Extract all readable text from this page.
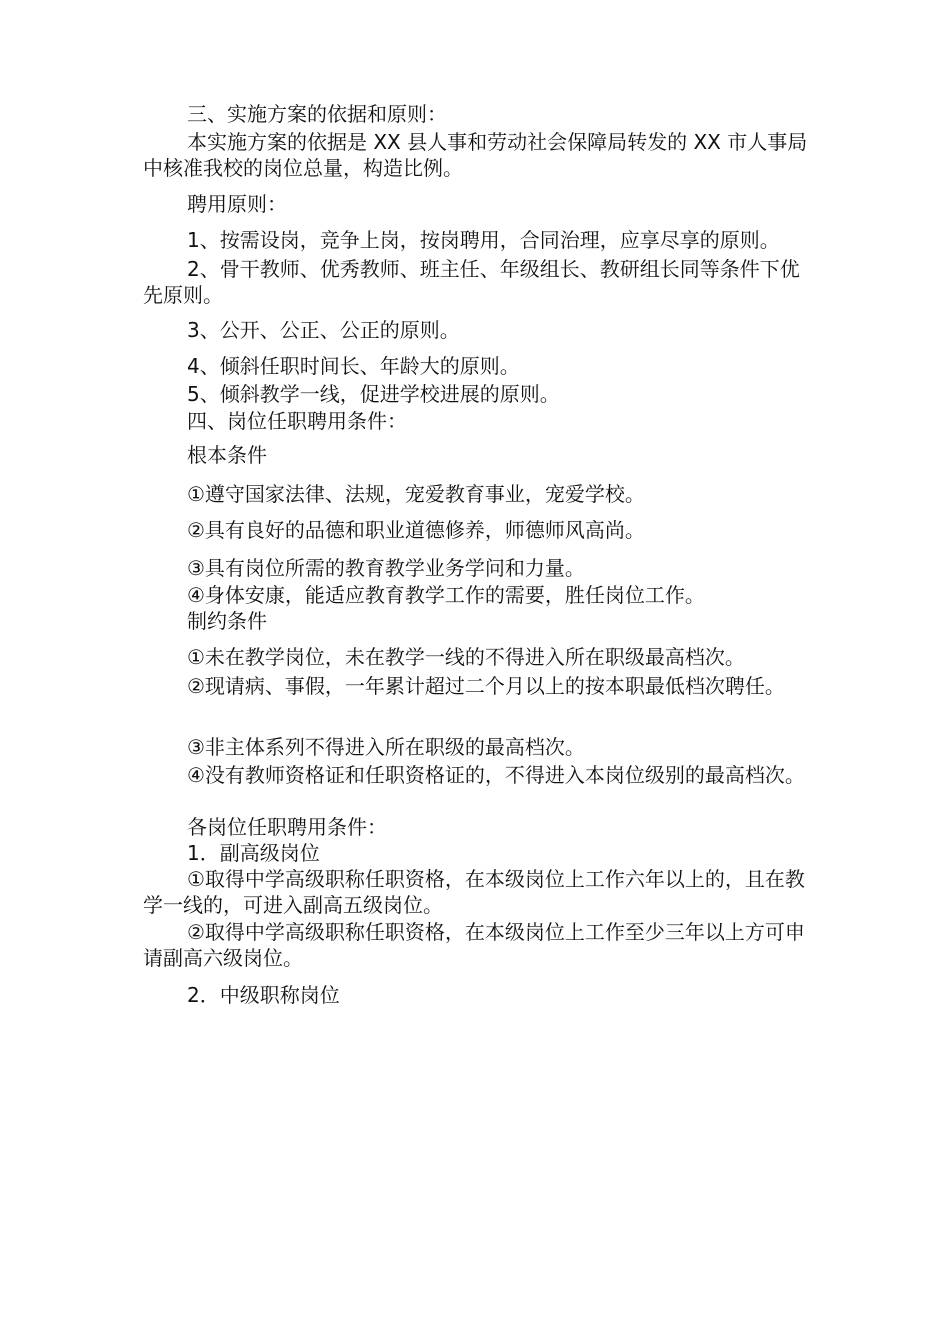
三、实施方案的依据和原则：

本实施方案的依据是 XX 县人事和劳动社会保障局转发的 XX 市人事局中核准我校的岗位总量，构造比例。

聘用原则：

1、按需设岗，竞争上岗，按岗聘用，合同治理，应享尽享的原则。

2、骨干教师、优秀教师、班主任、年级组长、教研组长同等条件下优先原则。

3、公开、公正、公正的原则。

4、倾斜任职时间长、年龄大的原则。

5、倾斜教学一线，促进学校进展的原则。

四、岗位任职聘用条件：

根本条件

①遵守国家法律、法规，宠爱教育事业，宠爱学校。

②具有良好的品德和职业道德修养，师德师风高尚。

③具有岗位所需的教育教学业务学问和力量。

④身体安康，能适应教育教学工作的需要，胜任岗位工作。

制约条件

①未在教学岗位，未在教学一线的不得进入所在职级最高档次。

②现请病、事假，一年累计超过二个月以上的按本职最低档次聘任。

③非主体系列不得进入所在职级的最高档次。

④没有教师资格证和任职资格证的，不得进入本岗位级别的最高档次。

各岗位任职聘用条件：

1．副高级岗位

①取得中学高级职称任职资格，在本级岗位上工作六年以上的，且在教学一线的，可进入副高五级岗位。

②取得中学高级职称任职资格，在本级岗位上工作至少三年以上方可申请副高六级岗位。

2．中级职称岗位
